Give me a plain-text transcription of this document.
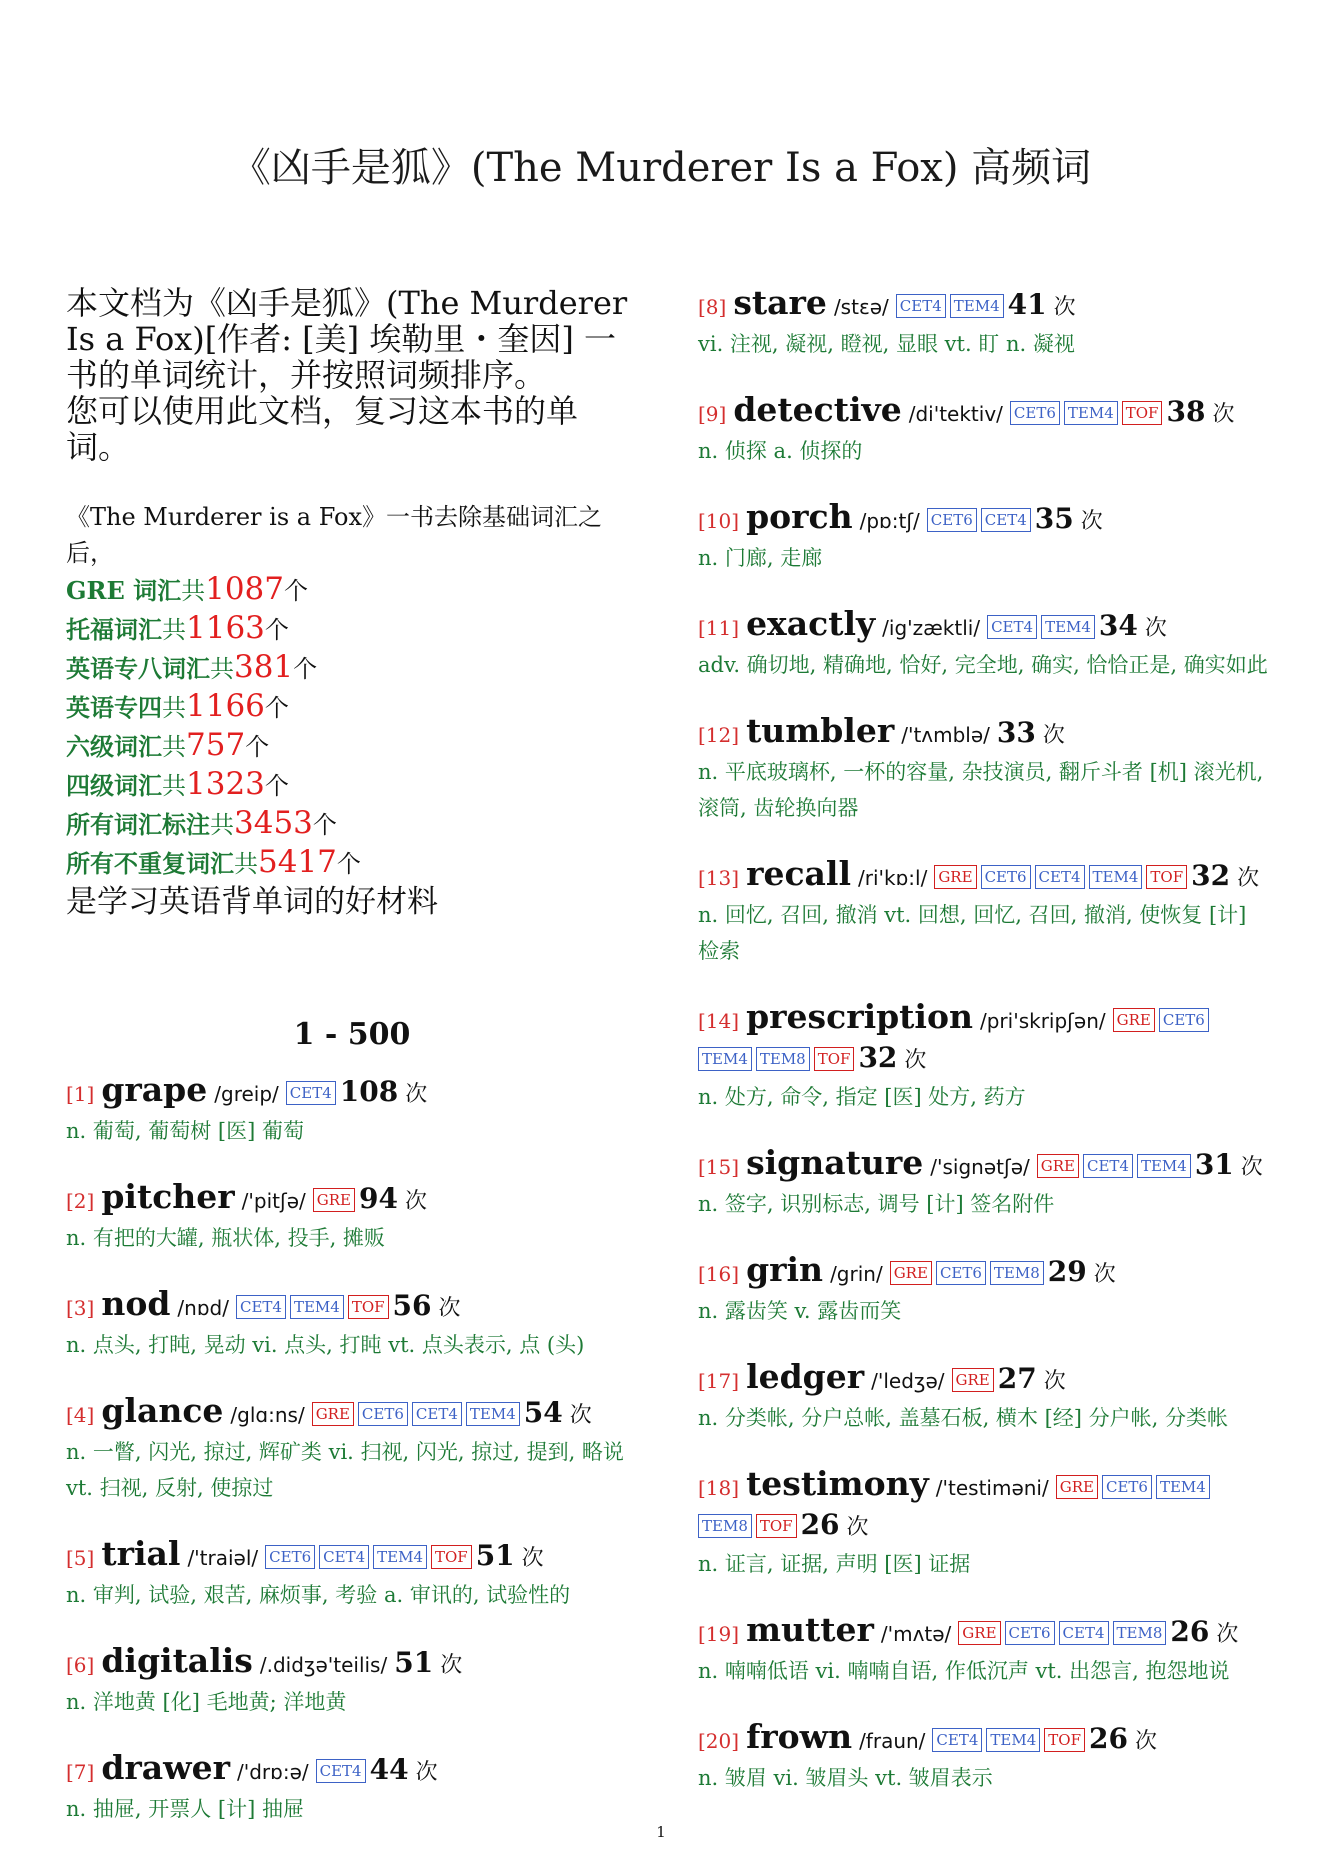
《凶手是狐》(The Murderer Is a Fox) 高频词
本文档为《凶手是狐》(The Murderer Is a Fox)[作者: [美] 埃勒里・奎因] 一书的单词统计，并按照词频排序。
您可以使用此文档，复习这本书的单词。
《The Murderer is a Fox》一书去除基础词汇之后，
GRE 词汇共1087个
托福词汇共1163个
英语专八词汇共381个
英语专四共1166个
六级词汇共757个
四级词汇共1323个
所有词汇标注共3453个
所有不重复词汇共5417个
是学习英语背单词的好材料
1 - 500
[1] grape /greip/ CET4 108 次
n. 葡萄, 葡萄树 [医] 葡萄
[2] pitcher /'pitʃə/ GRE 94 次
n. 有把的大罐, 瓶状体, 投手, 摊贩
[3] nod /nɒd/ CET4 TEM4 TOF 56 次
n. 点头, 打盹, 晃动 vi. 点头, 打盹 vt. 点头表示, 点 (头)
[4] glance /glɑ:ns/ GRE CET6 CET4 TEM4 54 次
n. 一瞥, 闪光, 掠过, 辉矿类 vi. 扫视, 闪光, 掠过, 提到, 略说 vt. 扫视, 反射, 使掠过
[5] trial /'traiəl/ CET6 CET4 TEM4 TOF 51 次
n. 审判, 试验, 艰苦, 麻烦事, 考验 a. 审讯的, 试验性的
[6] digitalis /.didʒə'teilis/ 51 次
n. 洋地黄 [化] 毛地黄; 洋地黄
[7] drawer /'drɒ:ə/ CET4 44 次
n. 抽屉, 开票人 [计] 抽屉
[8] stare /stɛə/ CET4 TEM4 41 次
vi. 注视, 凝视, 瞪视, 显眼 vt. 盯 n. 凝视
[9] detective /di'tektiv/ CET6 TEM4 TOF 38 次
n. 侦探 a. 侦探的
[10] porch /pɒ:tʃ/ CET6 CET4 35 次
n. 门廊, 走廊
[11] exactly /ig'zæktli/ CET4 TEM4 34 次
adv. 确切地, 精确地, 恰好, 完全地, 确实, 恰恰正是, 确实如此
[12] tumbler /'tʌmblə/ 33 次
n. 平底玻璃杯, 一杯的容量, 杂技演员, 翻斤斗者 [机] 滚光机, 滚筒, 齿轮换向器
[13] recall /ri'kɒ:l/ GRE CET6 CET4 TEM4 TOF 32 次
n. 回忆, 召回, 撤消 vt. 回想, 回忆, 召回, 撤消, 使恢复 [计] 检索
[14] prescription /pri'skripʃən/ GRE CET6TEM4 TEM8 TOF 32 次
n. 处方, 命令, 指定 [医] 处方, 药方
[15] signature /'signətʃə/ GRE CET4 TEM4 31 次
n. 签字, 识别标志, 调号 [计] 签名附件
[16] grin /grin/ GRE CET6 TEM8 29 次
n. 露齿笑 v. 露齿而笑
[17] ledger /'ledʒə/ GRE 27 次
n. 分类帐, 分户总帐, 盖墓石板, 横木 [经] 分户帐, 分类帐
[18] testimony /'testiməni/ GRE CET6 TEM4TEM8 TOF 26 次
n. 证言, 证据, 声明 [医] 证据
[19] mutter /'mʌtə/ GRE CET6 CET4 TEM8 26 次
n. 喃喃低语 vi. 喃喃自语, 作低沉声 vt. 出怨言, 抱怨地说
[20] frown /fraun/ CET4 TEM4 TOF 26 次
n. 皱眉 vi. 皱眉头 vt. 皱眉表示
1
